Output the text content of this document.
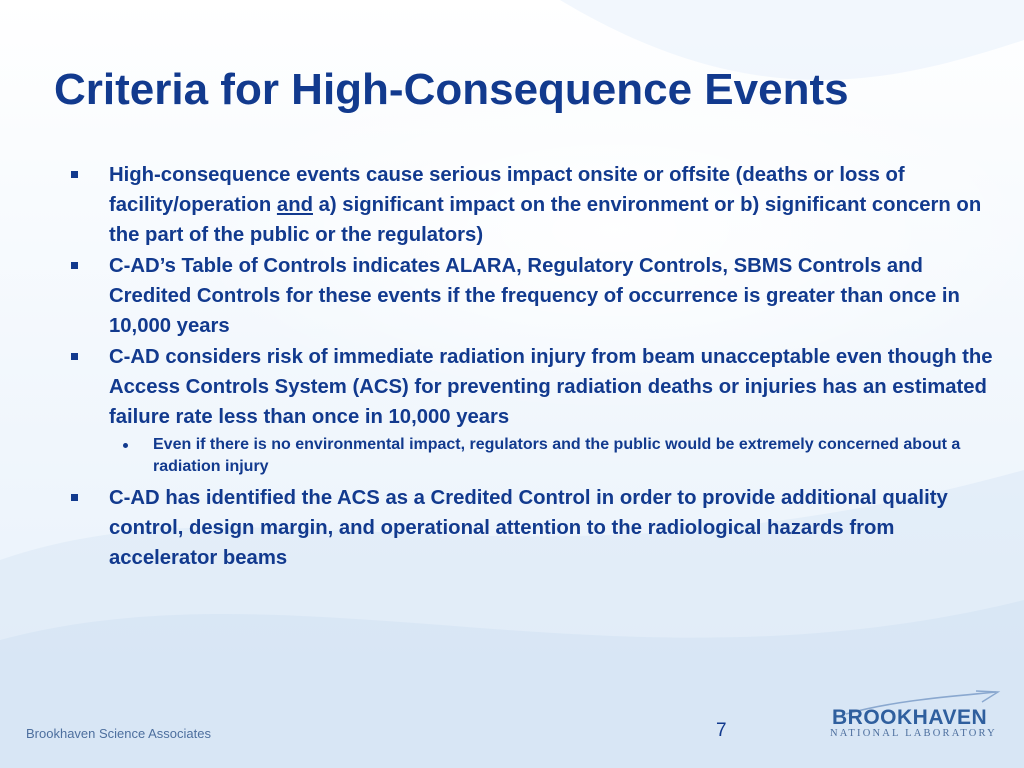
Criteria for High-Consequence Events
High-consequence events cause serious impact onsite or offsite (deaths or loss of facility/operation and a) significant impact on the environment or b) significant concern on the part of the public or the regulators)
C-AD’s Table of Controls indicates ALARA, Regulatory Controls, SBMS Controls and Credited Controls for these events if the frequency of occurrence is greater than once in 10,000 years
C-AD considers risk of immediate radiation injury from beam unacceptable even though the Access Controls System (ACS) for preventing radiation deaths or injuries has an estimated failure rate less than once in 10,000 years
Even if there is no environmental impact, regulators and the public would be extremely concerned about a radiation injury
C-AD has identified the ACS as a Credited Control in order to provide additional quality control, design margin, and operational attention to the radiological hazards from accelerator beams
Brookhaven Science Associates	7
BROOKHAVEN
NATIONAL LABORATORY
